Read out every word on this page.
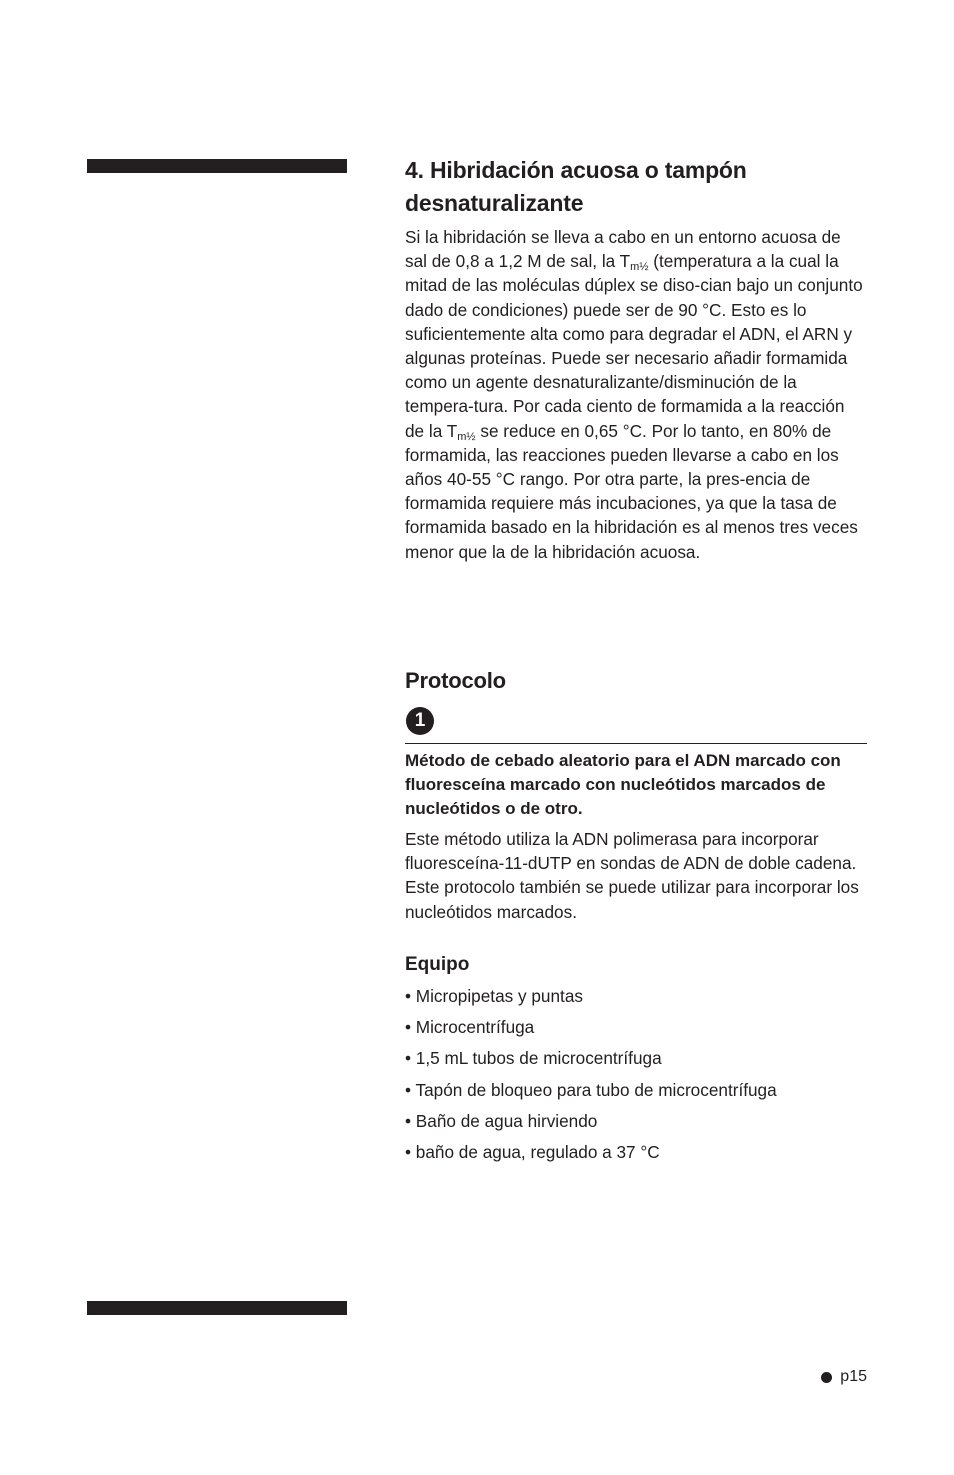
4. Hibridación acuosa o tampón desnaturalizante

Si la hibridación se lleva a cabo en un entorno acuosa de sal de 0,8 a 1,2 M de sal, la $T_{m\frac{1}{2}}$ (temperatura a la cual la mitad de las moléculas dúplex se diso-cian bajo un conjunto dado de condiciones) puede ser de 90 °C. Esto es lo suficientemente alta como para degradar el ADN, el ARN y algunas proteínas. Puede ser necesario añadir formamida como un agente desnaturalizante/disminución de la tempera-tura. Por cada ciento de formamida a la reacción de la $T_{m\frac{1}{2}}$ se reduce en 0,65 °C. Por lo tanto, en 80% de formamida, las reacciones pueden llevarse a cabo en los años 40-55 °C rango. Por otra parte, la pres-encia de formamida requiere más incubaciones, ya que la tasa de formamida basado en la hibridación es al menos tres veces menor que la de la hibridación acuosa.

Protocolo
1

Método de cebado aleatorio para el ADN marcado con fluoresceína marcado con nucleótidos marcados de nucleótidos o de otro.

Este método utiliza la ADN polimerasa para incorporar fluoresceína-11-dUTP en sondas de ADN de doble cadena. Este protocolo también se puede utilizar para incorporar los nucleótidos marcados.

Equipo
• Micropipetas y puntas
• Microcentrífuga
• 1,5 mL tubos de microcentrífuga
• Tapón de bloqueo para tubo de microcentrífuga
• Baño de agua hirviendo
• baño de agua, regulado a 37 °C
p15
